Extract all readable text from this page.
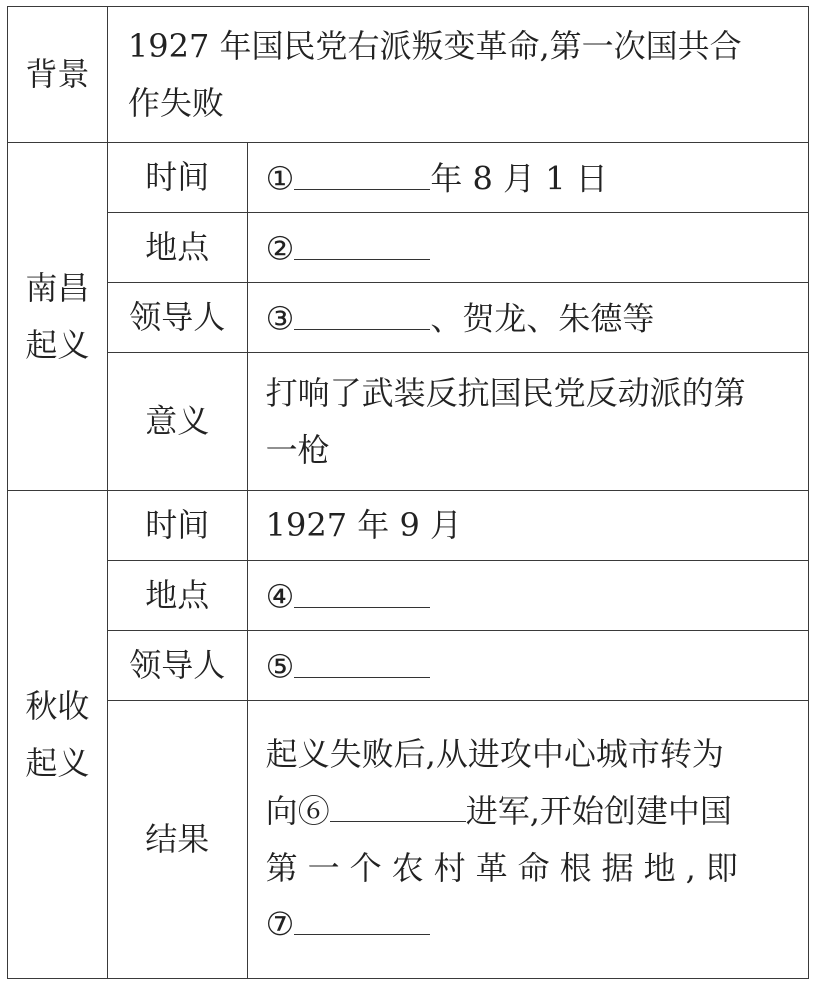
背景	1927 年国民党右派叛变革命,第一次国共合
作失败	

南昌
起义	时间	① 年 8 月 1 日
	地点	②
	领导人	③ 、贺龙、朱德等
	意义	打响了武装反抗国民党反动派的第
一枪

秋收
起义	时间	1927 年 9 月
	地点	④
	领导人	⑤
	结果	起义失败后,从进攻中心城市转为
向⑥ 进军,开始创建中国
第一个农村革命根据地,即
⑦
